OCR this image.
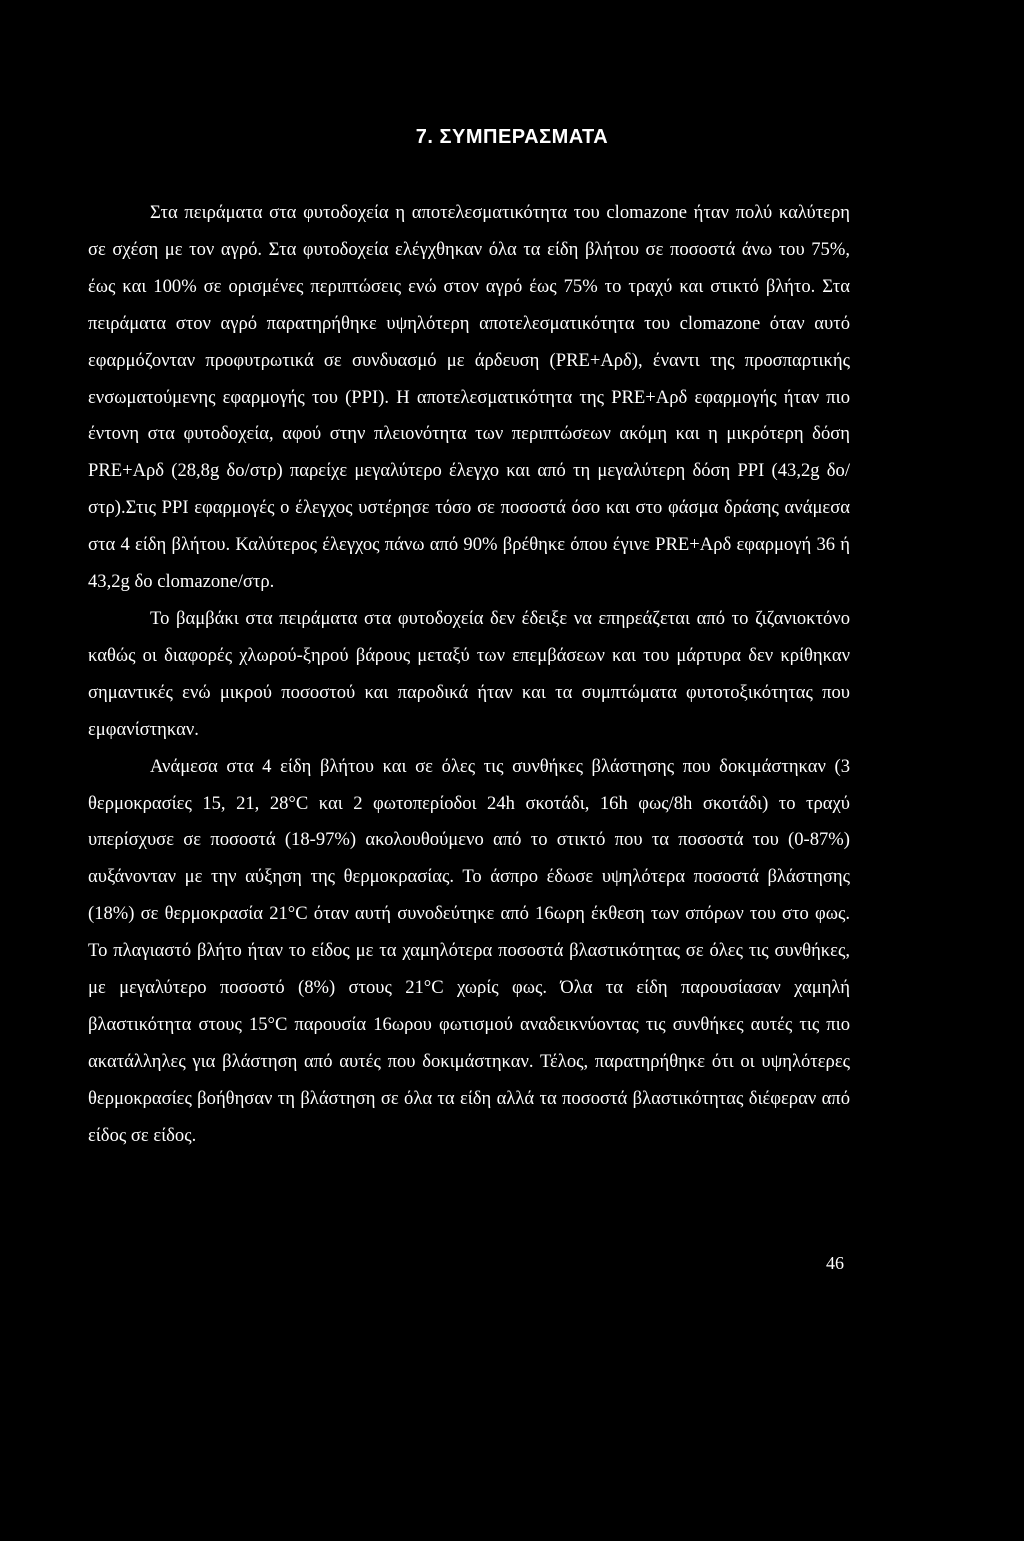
7. ΣΥΜΠΕΡΑΣΜΑΤΑ

Στα πειράματα στα φυτοδοχεία η αποτελεσματικότητα του clomazone ήταν πολύ καλύτερη σε σχέση με τον αγρό. Στα φυτοδοχεία ελέγχθηκαν όλα τα είδη βλήτου σε ποσοστά άνω του 75%, έως και 100% σε ορισμένες περιπτώσεις ενώ στον αγρό έως 75% το τραχύ και στικτό βλήτο. Στα πειράματα στον αγρό παρατηρήθηκε υψηλότερη αποτελεσματικότητα του clomazone όταν αυτό εφαρμόζονταν προφυτρωτικά σε συνδυασμό με άρδευση (PRE+Αρδ), έναντι της προσπαρτικής ενσωματούμενης εφαρμογής του (PPI). Η αποτελεσματικότητα της PRE+Αρδ εφαρμογής ήταν πιο έντονη στα φυτοδοχεία, αφού στην πλειονότητα των περιπτώσεων ακόμη και η μικρότερη δόση PRE+Αρδ (28,8g δο/στρ) παρείχε μεγαλύτερο έλεγχο και από τη μεγαλύτερη δόση PPI (43,2g δο/στρ).Στις PPI εφαρμογές ο έλεγχος υστέρησε τόσο σε ποσοστά όσο και στο φάσμα δράσης ανάμεσα στα 4 είδη βλήτου. Καλύτερος έλεγχος πάνω από 90% βρέθηκε όπου έγινε PRE+Αρδ εφαρμογή 36 ή 43,2g δο clomazone/στρ.

Το βαμβάκι στα πειράματα στα φυτοδοχεία δεν έδειξε να επηρεάζεται από το ζιζανιοκτόνο καθώς οι διαφορές χλωρού-ξηρού βάρους μεταξύ των επεμβάσεων και του μάρτυρα δεν κρίθηκαν σημαντικές ενώ μικρού ποσοστού και παροδικά ήταν και τα συμπτώματα φυτοτοξικότητας που εμφανίστηκαν.

Ανάμεσα στα 4 είδη βλήτου και σε όλες τις συνθήκες βλάστησης που δοκιμάστηκαν (3 θερμοκρασίες 15, 21, 28°C και 2 φωτοπερίοδοι 24h σκοτάδι, 16h φως/8h σκοτάδι) το τραχύ υπερίσχυσε σε ποσοστά (18-97%) ακολουθούμενο από το στικτό που τα ποσοστά του (0-87%) αυξάνονταν με την αύξηση της θερμοκρασίας. Το άσπρο έδωσε υψηλότερα ποσοστά βλάστησης (18%) σε θερμοκρασία 21°C όταν αυτή συνοδεύτηκε από 16ωρη έκθεση των σπόρων του στο φως. Το πλαγιαστό βλήτο ήταν το είδος με τα χαμηλότερα ποσοστά βλαστικότητας σε όλες τις συνθήκες, με μεγαλύτερο ποσοστό (8%) στους 21°C χωρίς φως. Όλα τα είδη παρουσίασαν χαμηλή βλαστικότητα στους 15°C παρουσία 16ωρου φωτισμού αναδεικνύοντας τις συνθήκες αυτές τις πιο ακατάλληλες για βλάστηση από αυτές που δοκιμάστηκαν. Τέλος, παρατηρήθηκε ότι οι υψηλότερες θερμοκρασίες βοήθησαν τη βλάστηση σε όλα τα είδη αλλά τα ποσοστά βλαστικότητας διέφεραν από είδος σε είδος.

46
